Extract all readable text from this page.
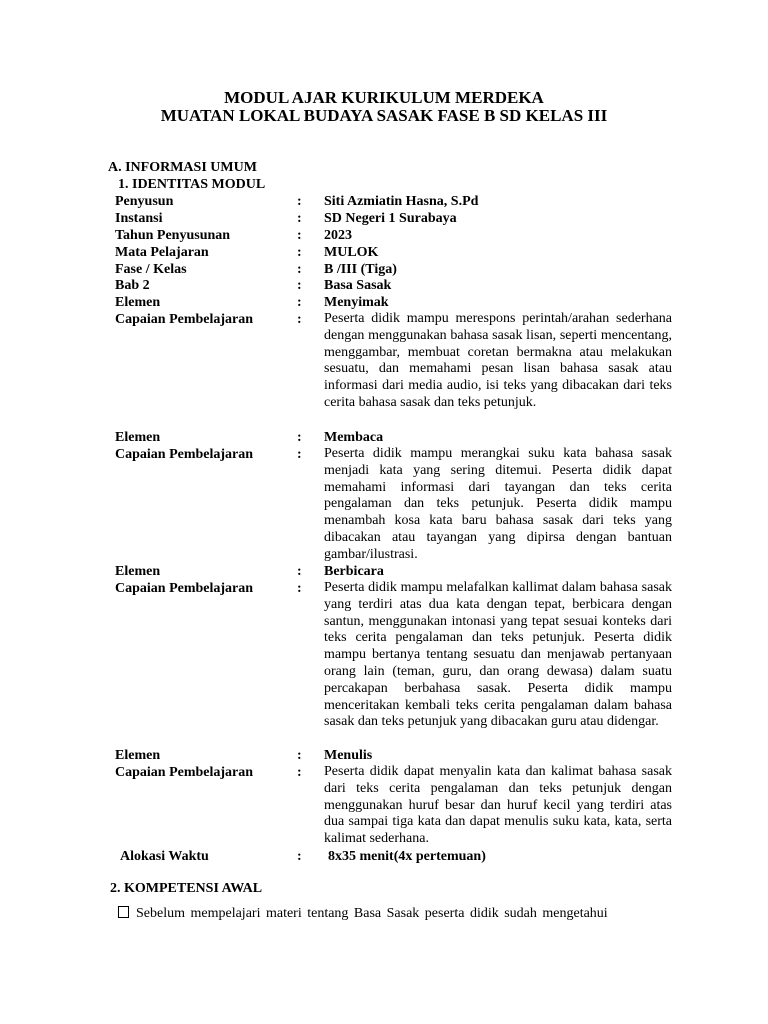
MODUL AJAR KURIKULUM MERDEKA
MUATAN LOKAL BUDAYA SASAK FASE B SD KELAS III
A. INFORMASI UMUM
1. IDENTITAS MODUL
Penyusun	: Siti Azmiatin Hasna, S.Pd
Instansi	: SD Negeri 1 Surabaya
Tahun Penyusunan	: 2023
Mata Pelajaran	: MULOK
Fase / Kelas	: B /III (Tiga)
Bab 2	: Basa Sasak
Elemen	: Menyimak
Capaian Pembelajaran	: Peserta didik mampu merespons perintah/arahan sederhana dengan menggunakan bahasa sasak lisan, seperti mencentang, menggambar, membuat coretan bermakna atau melakukan sesuatu, dan memahami pesan lisan bahasa sasak atau informasi dari media audio, isi teks yang dibacakan dari teks cerita bahasa sasak dan teks petunjuk.
Elemen	: Membaca
Capaian Pembelajaran	: Peserta didik mampu merangkai suku kata bahasa sasak menjadi kata yang sering ditemui. Peserta didik dapat memahami informasi dari tayangan dan teks cerita pengalaman dan teks petunjuk. Peserta didik mampu menambah kosa kata baru bahasa sasak dari teks yang dibacakan atau tayangan yang dipirsa dengan bantuan gambar/ilustrasi.
Elemen	: Berbicara
Capaian Pembelajaran	: Peserta didik mampu melafalkan kallimat dalam bahasa sasak yang terdiri atas dua kata dengan tepat, berbicara dengan santun, menggunakan intonasi yang tepat sesuai konteks dari teks cerita pengalaman dan teks petunjuk. Peserta didik mampu bertanya tentang sesuatu dan menjawab pertanyaan orang lain (teman, guru, dan orang dewasa) dalam suatu percakapan berbahasa sasak. Peserta didik mampu menceritakan kembali teks cerita pengalaman dalam bahasa sasak dan teks petunjuk yang dibacakan guru atau didengar.
Elemen	: Menulis
Capaian Pembelajaran	: Peserta didik dapat menyalin kata dan kalimat bahasa sasak dari teks cerita pengalaman dan teks petunjuk dengan menggunakan huruf besar dan huruf kecil yang terdiri atas dua sampai tiga kata dan dapat menulis suku kata, kata, serta kalimat sederhana.
Alokasi Waktu	: 8x35 menit(4x pertemuan)
2. KOMPETENSI AWAL
Sebelum mempelajari materi tentang Basa Sasak peserta didik sudah mengetahui
